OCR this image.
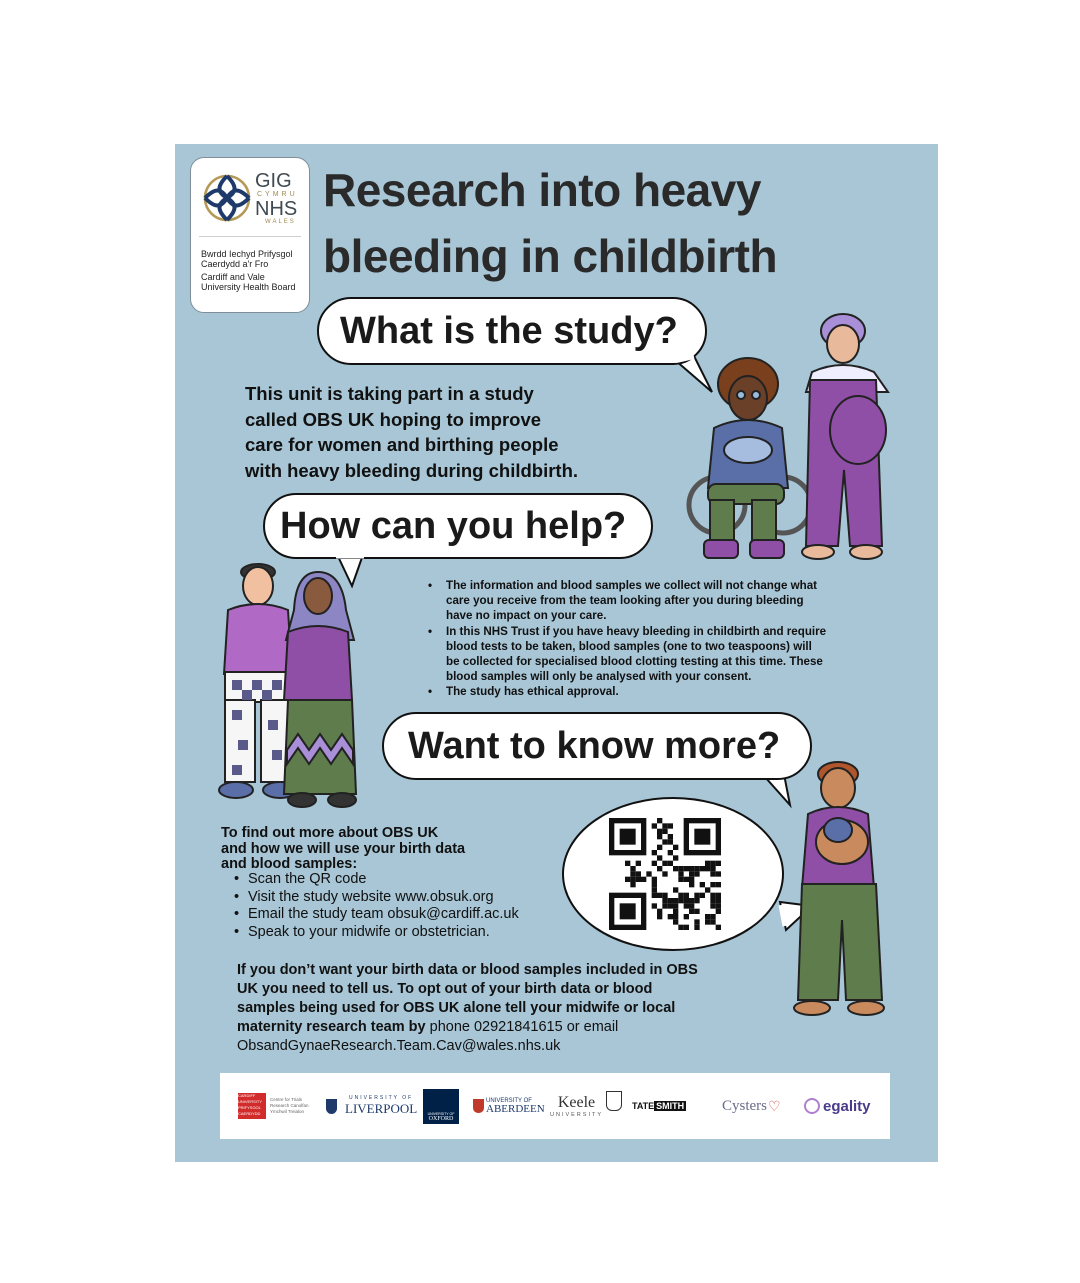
GIG
CYMRU
NHS
WALES
Bwrdd Iechyd Prifysgol
Caerdydd a'r Fro
Cardiff and Vale
University Health Board
Research into heavy
bleeding in childbirth
What is the study?
How can you help?
Want to know more?
This unit is taking part in a study
called OBS UK hoping to improve
care for women and birthing people
with heavy bleeding during childbirth.
• The information and blood samples we collect will not change what
care you receive from the team looking after you during bleeding
have no impact on your care.
• In this NHS Trust if you have heavy bleeding in childbirth and require
blood tests to be taken, blood samples (one to two teaspoons) will
be collected for specialised blood clotting testing at this time. These
blood samples will only be analysed with your consent.
• The study has ethical approval.
To find out more about OBS UK
and how we will use your birth data
and blood samples:
• Scan the QR code
• Visit the study website www.obsuk.org
• Email the study team obsuk@cardiff.ac.uk
• Speak to your midwife or obstetrician.
If you don’t want your birth data or blood samples included in OBS
UK you need to tell us. To opt out of your birth data or blood
samples being used for OBS UK alone tell your midwife or local
maternity research team by phone 02921841615 or email
ObsandGynaeResearch.Team.Cav@wales.nhs.uk
CARDIFF UNIVERSITY PRIFYSGOL CAERDYDD
Centre for Trials Research Canolfan Ymchwil Treialon
UNIVERSITY OF
LIVERPOOL	UNIVERSITY OF
OXFORD
UNIVERSITY OF
ABERDEEN Keele
UNIVERSITY
TATE SMITH	Cysters ♡	egality
